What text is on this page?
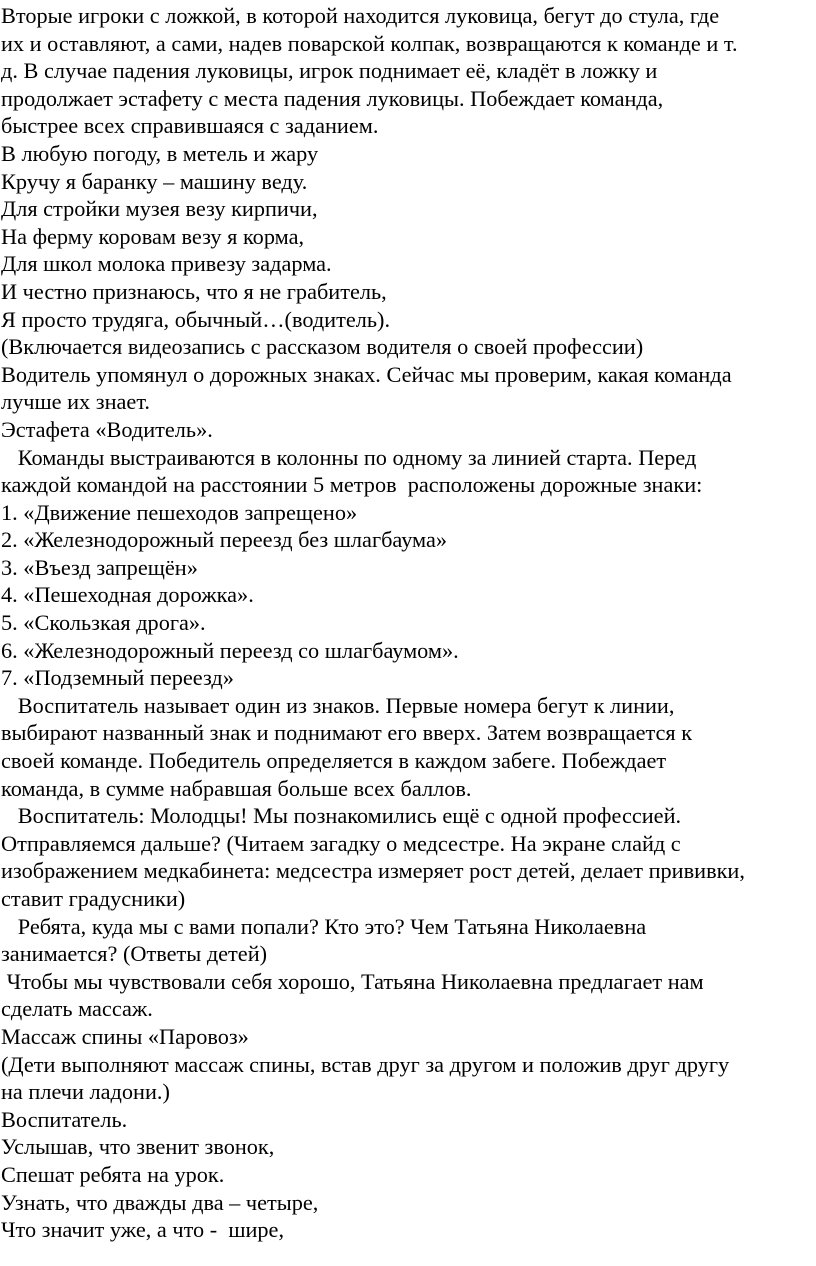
Вторые игроки с ложкой, в которой находится луковица, бегут до стула, где
их и оставляют, а сами, надев поварской колпак, возвращаются к команде и т.
д. В случае падения луковицы, игрок поднимает её, кладёт в ложку и
продолжает эстафету с места падения луковицы. Побеждает команда,
быстрее всех справившаяся с заданием.
В любую погоду, в метель и жару
Кручу я баранку – машину веду.
Для стройки музея везу кирпичи,
На ферму коровам везу я корма,
Для школ молока привезу задарма.
И честно признаюсь, что я не грабитель,
Я просто трудяга, обычный…(водитель).
(Включается видеозапись с рассказом водителя о своей профессии)
Водитель упомянул о дорожных знаках. Сейчас мы проверим, какая команда
лучше их знает.
Эстафета «Водитель».
Команды выстраиваются в колонны по одному за линией старта. Перед
каждой командой на расстоянии 5 метров  расположены дорожные знаки:
1. «Движение пешеходов запрещено»
2. «Железнодорожный переезд без шлагбаума»
3. «Въезд запрещён»
4. «Пешеходная дорожка».
5. «Скользкая дрога».
6. «Железнодорожный переезд со шлагбаумом».
7. «Подземный переезд»
Воспитатель называет один из знаков. Первые номера бегут к линии,
выбирают названный знак и поднимают его вверх. Затем возвращается к
своей команде. Победитель определяется в каждом забеге. Побеждает
команда, в сумме набравшая больше всех баллов.
Воспитатель: Молодцы! Мы познакомились ещё с одной профессией.
Отправляемся дальше? (Читаем загадку о медсестре. На экране слайд с
изображением медкабинета: медсестра измеряет рост детей, делает прививки,
ставит градусники)
Ребята, куда мы с вами попали? Кто это? Чем Татьяна Николаевна
занимается? (Ответы детей)
Чтобы мы чувствовали себя хорошо, Татьяна Николаевна предлагает нам
сделать массаж.
Массаж спины «Паровоз»
(Дети выполняют массаж спины, встав друг за другом и положив друг другу
на плечи ладони.)
Воспитатель.
Услышав, что звенит звонок,
Спешат ребята на урок.
Узнать, что дважды два – четыре,
Что значит уже, а что -  шире,
